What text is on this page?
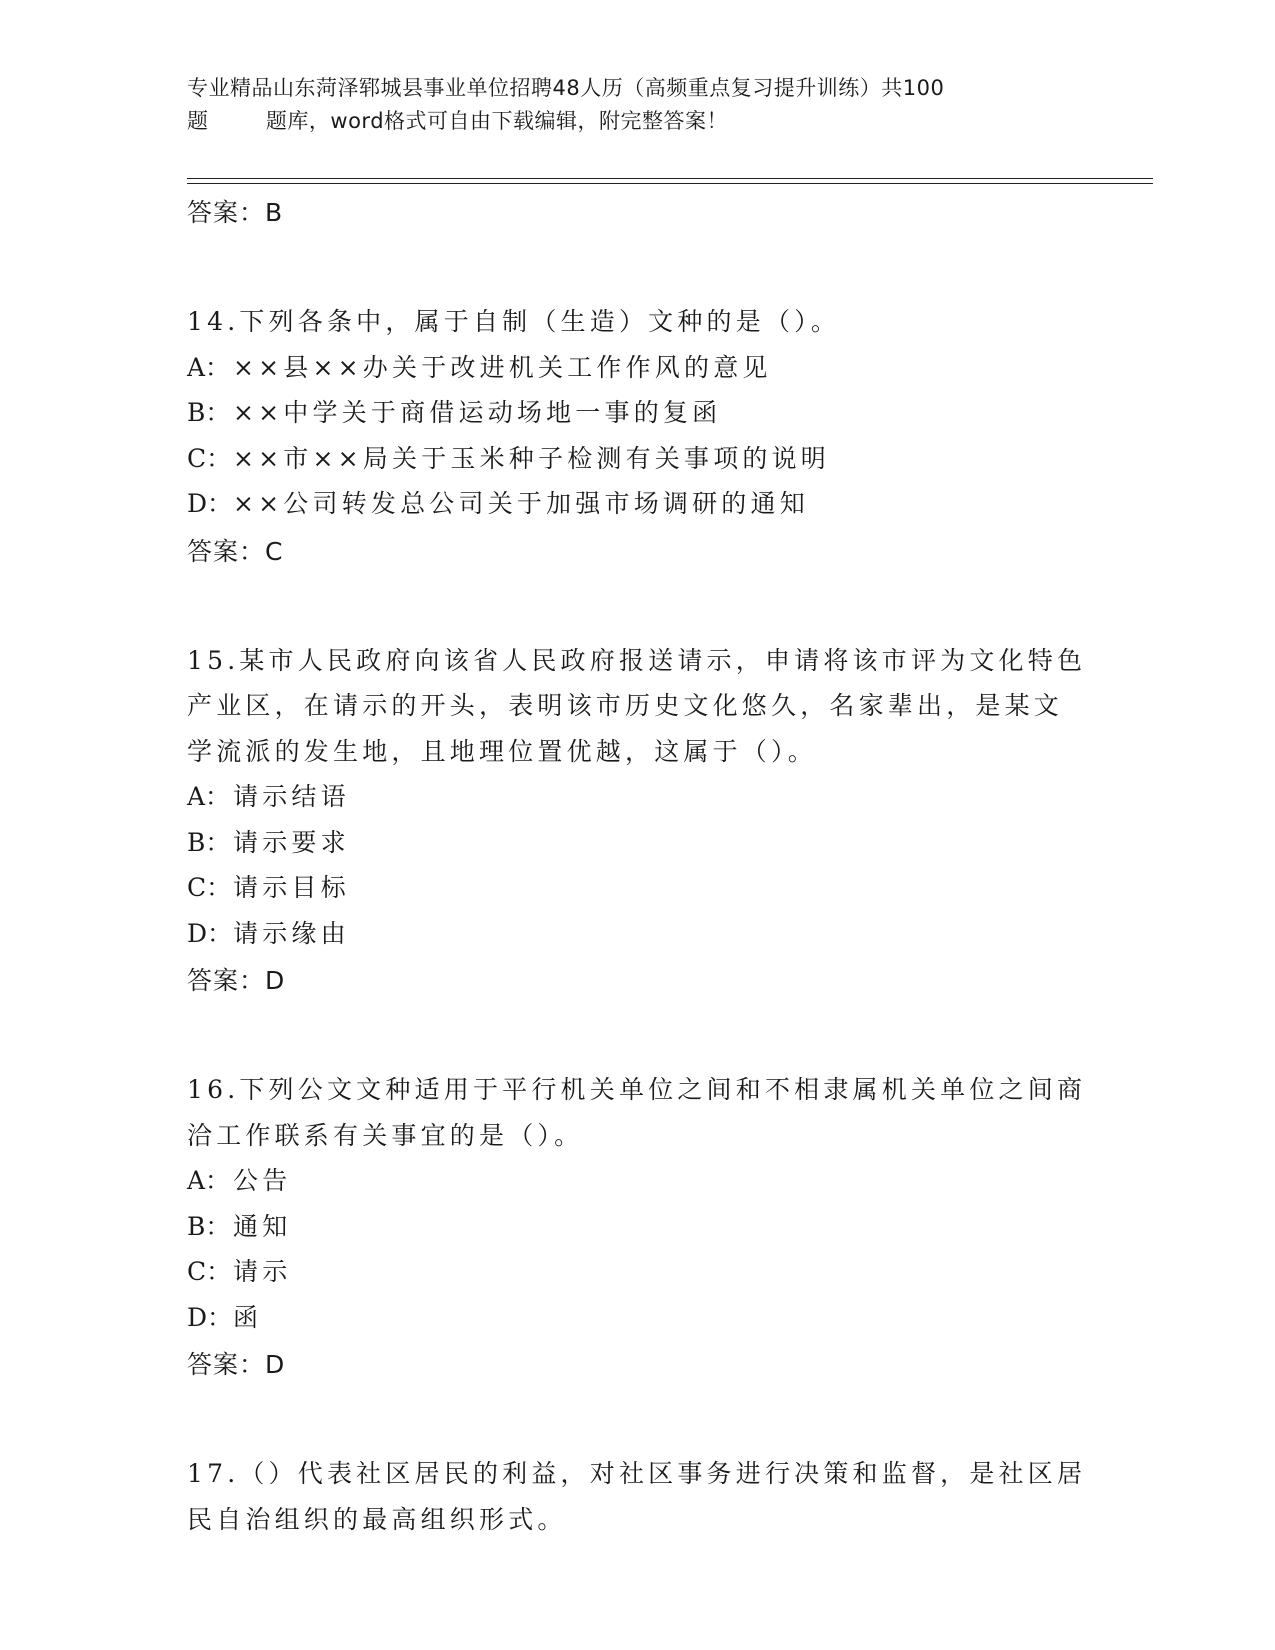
专业精品山东菏泽郓城县事业单位招聘48人历（高频重点复习提升训练）共100
题        题库，word格式可自由下载编辑，附完整答案！
答案：B
14.下列各条中，属于自制（生造）文种的是（）。
A： ××县××办关于改进机关工作作风的意见
B： ××中学关于商借运动场地一事的复函
C：××市××局关于玉米种子检测有关事项的说明
D：××公司转发总公司关于加强市场调研的通知
答案：C
15.某市人民政府向该省人民政府报送请示，申请将该市评为文化特色
产业区，在请示的开头，表明该市历史文化悠久，名家辈出，是某文
学流派的发生地，且地理位置优越，这属于（）。
A： 请示结语
B： 请示要求
C：请示目标
D：请示缘由
答案：D
16.下列公文文种适用于平行机关单位之间和不相隶属机关单位之间商
洽工作联系有关事宜的是（）。
A： 公告
B： 通知
C：请示
D：函
答案：D
17.（）代表社区居民的利益，对社区事务进行决策和监督，是社区居
民自治组织的最高组织形式。
